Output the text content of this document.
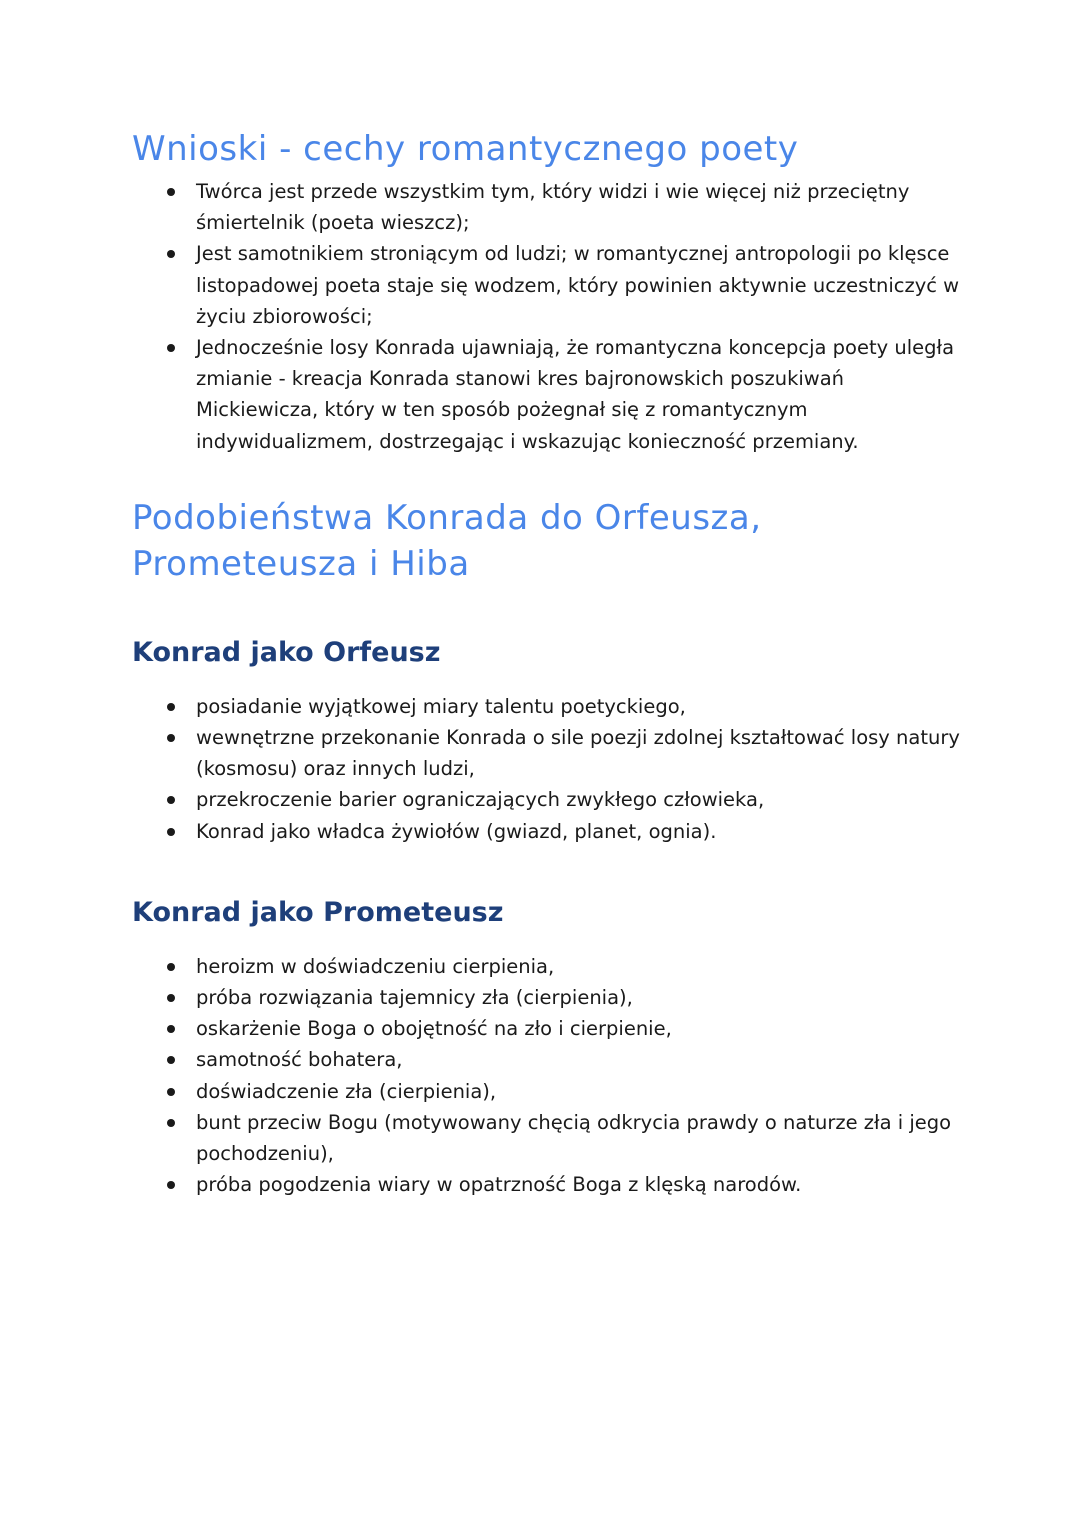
Wnioski - cechy romantycznego poety
Twórca jest przede wszystkim tym, który widzi i wie więcej niż przeciętny śmiertelnik (poeta wieszcz);
Jest samotnikiem stroniącym od ludzi; w romantycznej antropologii po klęsce listopadowej poeta staje się wodzem, który powinien aktywnie uczestniczyć w życiu zbiorowości;
Jednocześnie losy Konrada ujawniają, że romantyczna koncepcja poety uległa zmianie - kreacja Konrada stanowi kres bajronowskich poszukiwań Mickiewicza, który w ten sposób pożegnał się z romantycznym indywidualizmem, dostrzegając i wskazując konieczność przemiany.
Podobieństwa Konrada do Orfeusza, Prometeusza i Hiba
Konrad jako Orfeusz
posiadanie wyjątkowej miary talentu poetyckiego,
wewnętrzne przekonanie Konrada o sile poezji zdolnej kształtować losy natury (kosmosu) oraz innych ludzi,
przekroczenie barier ograniczających zwykłego człowieka,
Konrad jako władca żywiołów (gwiazd, planet, ognia).
Konrad jako Prometeusz
heroizm w doświadczeniu cierpienia,
próba rozwiązania tajemnicy zła (cierpienia),
oskarżenie Boga o obojętność na zło i cierpienie,
samotność bohatera,
doświadczenie zła (cierpienia),
bunt przeciw Bogu (motywowany chęcią odkrycia prawdy o naturze zła i jego pochodzeniu),
próba pogodzenia wiary w opatrzność Boga z klęską narodów.
